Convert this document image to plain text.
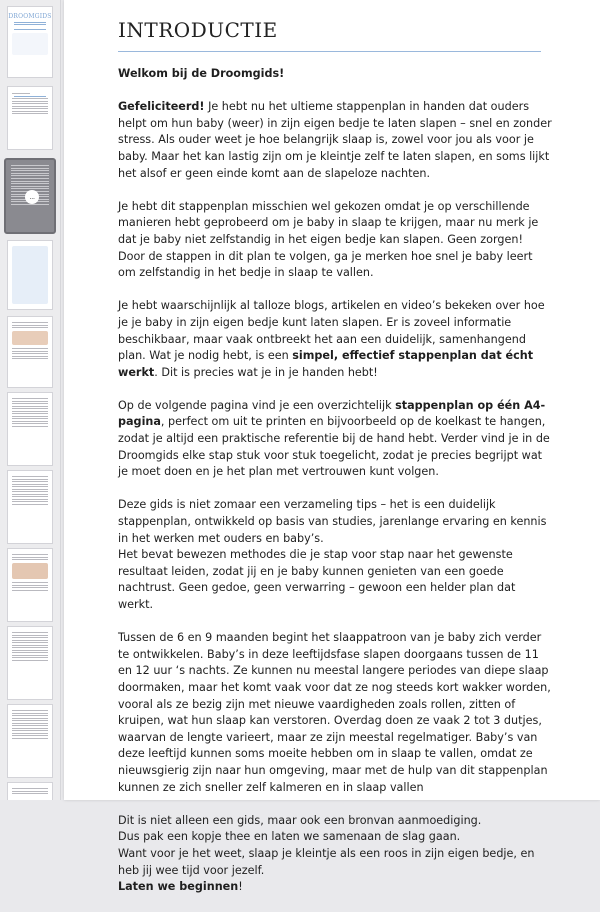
DROOMGIDS
...
INTRODUCTIE

Welkom bij de Droomgids!

Gefeliciteerd! Je hebt nu het ultieme stappenplan in handen dat ouders helpt om hun baby (weer) in zijn eigen bedje te laten slapen – snel en zonder stress. Als ouder weet je hoe belangrijk slaap is, zowel voor jou als voor je baby. Maar het kan lastig zijn om je kleintje zelf te laten slapen, en soms lijkt het alsof er geen einde komt aan de slapeloze nachten.

Je hebt dit stappenplan misschien wel gekozen omdat je op verschillende manieren hebt geprobeerd om je baby in slaap te krijgen, maar nu merk je dat je baby niet zelfstandig in het eigen bedje kan slapen. Geen zorgen! Door de stappen in dit plan te volgen, ga je merken hoe snel je baby leert om zelfstandig in het bedje in slaap te vallen.

Je hebt waarschijnlijk al talloze blogs, artikelen en video’s bekeken over hoe je je baby in zijn eigen bedje kunt laten slapen. Er is zoveel informatie beschikbaar, maar vaak ontbreekt het aan een duidelijk, samenhangend plan. Wat je nodig hebt, is een simpel, effectief stappenplan dat écht werkt. Dit is precies wat je in je handen hebt!

Op de volgende pagina vind je een overzichtelijk stappenplan op één A4-pagina, perfect om uit te printen en bijvoorbeeld op de koelkast te hangen, zodat je altijd een praktische referentie bij de hand hebt. Verder vind je in de Droomgids elke stap stuk voor stuk toegelicht, zodat je precies begrijpt wat je moet doen en je het plan met vertrouwen kunt volgen.

Deze gids is niet zomaar een verzameling tips – het is een duidelijk stappenplan, ontwikkeld op basis van studies, jarenlange ervaring en kennis in het werken met ouders en baby’s.
Het bevat bewezen methodes die je stap voor stap naar het gewenste resultaat leiden, zodat jij en je baby kunnen genieten van een goede nachtrust. Geen gedoe, geen verwarring – gewoon een helder plan dat werkt.

Tussen de 6 en 9 maanden begint het slaappatroon van je baby zich verder te ontwikkelen. Baby’s in deze leeftijdsfase slapen doorgaans tussen de 11 en 12 uur ‘s nachts. Ze kunnen nu meestal langere periodes van diepe slaap doormaken, maar het komt vaak voor dat ze nog steeds kort wakker worden, vooral als ze bezig zijn met nieuwe vaardigheden zoals rollen, zitten of kruipen, wat hun slaap kan verstoren. Overdag doen ze vaak 2 tot 3 dutjes, waarvan de lengte varieert, maar ze zijn meestal regelmatiger. Baby’s van deze leeftijd kunnen soms moeite hebben om in slaap te vallen, omdat ze nieuwsgierig zijn naar hun omgeving, maar met de hulp van dit stappenplan kunnen ze zich sneller zelf kalmeren en in slaap vallen

Dit is niet alleen een gids, maar ook een bronvan aanmoediging.
Dus pak een kopje thee en laten we samenaan de slag gaan.
Want voor je het weet, slaap je kleintje als een roos in zijn eigen bedje, en heb jij wee tijd voor jezelf.
Laten we beginnen!
